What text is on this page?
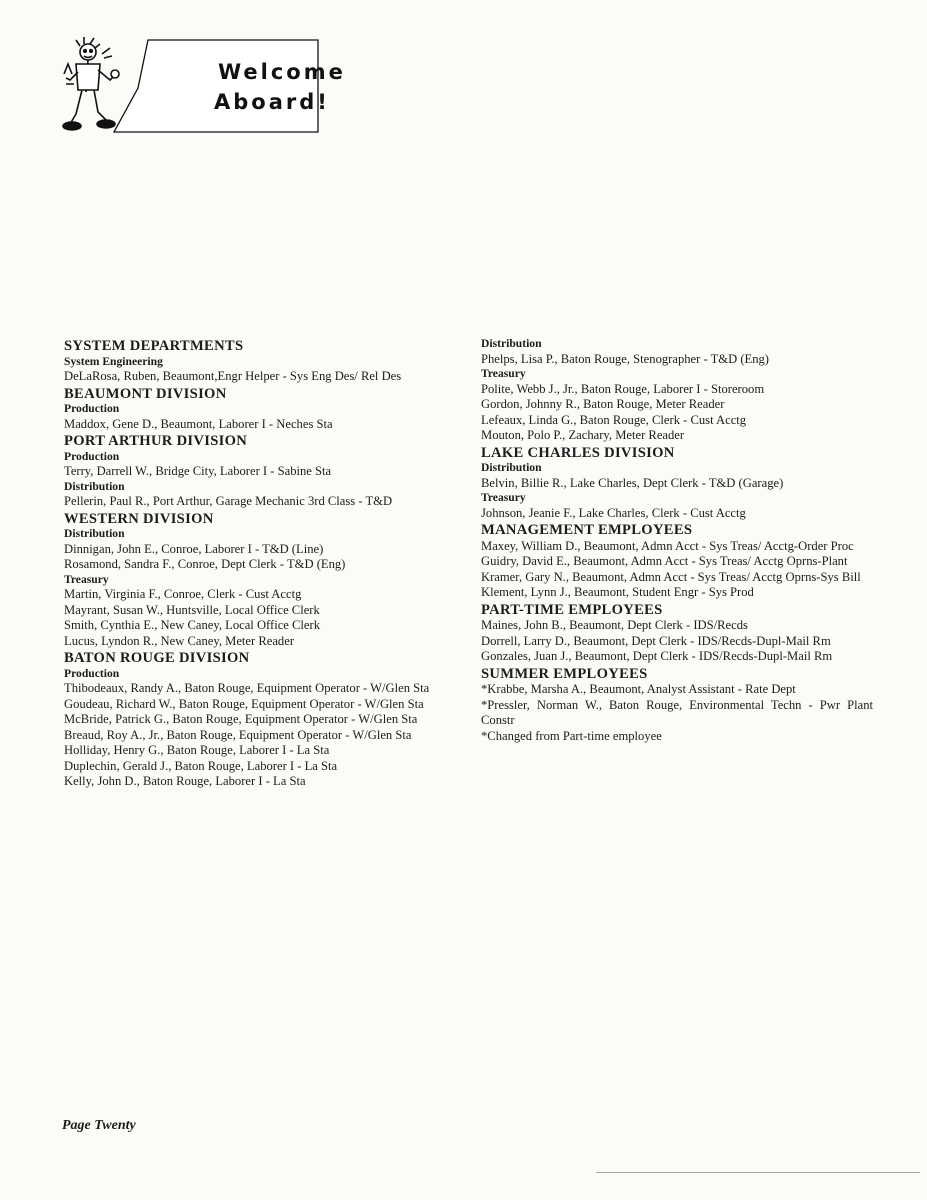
Welcome
Aboard!
SYSTEM DEPARTMENTS
System Engineering
DeLaRosa, Ruben, Beaumont,Engr Helper - Sys Eng Des/ Rel Des
BEAUMONT DIVISION
Production
Maddox, Gene D., Beaumont, Laborer I - Neches Sta
PORT ARTHUR DIVISION
Production
Terry, Darrell W., Bridge City, Laborer I - Sabine Sta
Distribution
Pellerin, Paul R., Port Arthur, Garage Mechanic 3rd Class - T&D
WESTERN DIVISION
Distribution
Dinnigan, John E., Conroe, Laborer I - T&D (Line)
Rosamond, Sandra F., Conroe, Dept Clerk - T&D (Eng)
Treasury
Martin, Virginia F., Conroe, Clerk - Cust Acctg
Mayrant, Susan W., Huntsville, Local Office Clerk
Smith, Cynthia E., New Caney, Local Office Clerk
Lucus, Lyndon R., New Caney, Meter Reader
BATON ROUGE DIVISION
Production
Thibodeaux, Randy A., Baton Rouge, Equipment Operator - W/Glen Sta
Goudeau, Richard W., Baton Rouge, Equipment Operator - W/Glen Sta
McBride, Patrick G., Baton Rouge, Equipment Operator - W/Glen Sta
Breaud, Roy A., Jr., Baton Rouge, Equipment Operator - W/Glen Sta
Holliday, Henry G., Baton Rouge, Laborer I - La Sta
Duplechin, Gerald J., Baton Rouge, Laborer I - La Sta
Kelly, John D., Baton Rouge, Laborer I - La Sta
Distribution
Phelps, Lisa P., Baton Rouge, Stenographer - T&D (Eng)
Treasury
Polite, Webb J., Jr., Baton Rouge, Laborer I - Storeroom
Gordon, Johnny R., Baton Rouge, Meter Reader
Lefeaux, Linda G., Baton Rouge, Clerk - Cust Acctg
Mouton, Polo P., Zachary, Meter Reader
LAKE CHARLES DIVISION
Distribution
Belvin, Billie R., Lake Charles, Dept Clerk - T&D (Garage)
Treasury
Johnson, Jeanie F., Lake Charles, Clerk - Cust Acctg
MANAGEMENT EMPLOYEES
Maxey, William D., Beaumont, Admn Acct - Sys Treas/ Acctg-Order Proc
Guidry, David E., Beaumont, Admn Acct - Sys Treas/ Acctg Oprns-Plant
Kramer, Gary N., Beaumont, Admn Acct - Sys Treas/ Acctg Oprns-Sys Bill
Klement, Lynn J., Beaumont, Student Engr - Sys Prod
PART-TIME EMPLOYEES
Maines, John B., Beaumont, Dept Clerk - IDS/Recds
Dorrell, Larry D., Beaumont, Dept Clerk - IDS/Recds-Dupl-Mail Rm
Gonzales, Juan J., Beaumont, Dept Clerk - IDS/Recds-Dupl-Mail Rm
SUMMER EMPLOYEES
*Krabbe, Marsha A., Beaumont, Analyst Assistant - Rate Dept
*Pressler, Norman W., Baton Rouge, Environmental Techn - Pwr Plant Constr
*Changed from Part-time employee
Page Twenty
